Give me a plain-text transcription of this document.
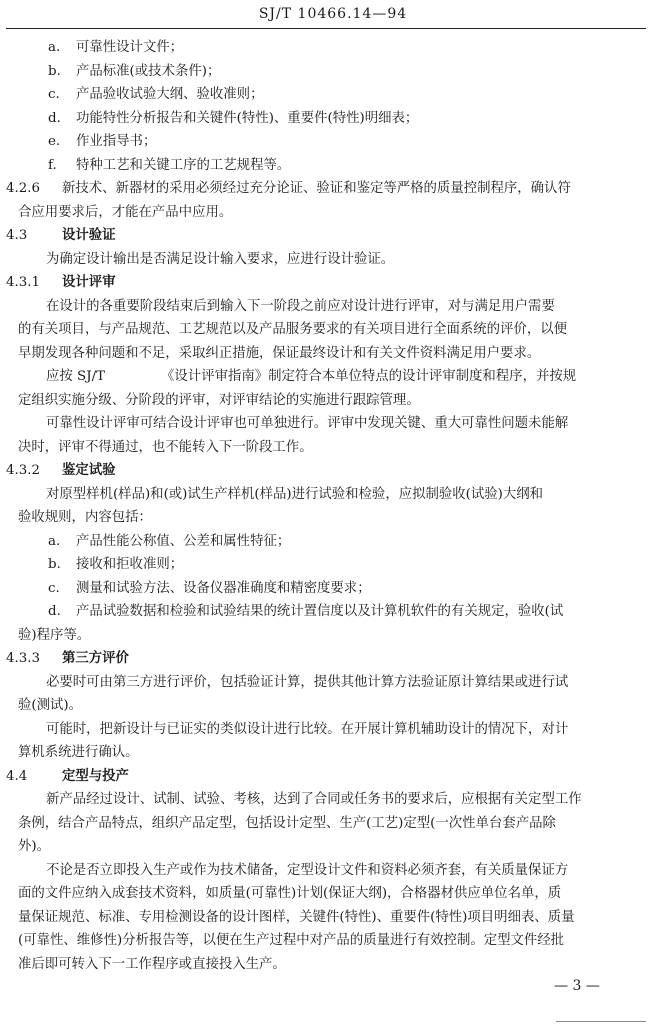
SJ/T 10466.14—94
a. 可靠性设计文件；
b. 产品标准(或技术条件)；
c. 产品验收试验大纲、验收准则；
d. 功能特性分析报告和关键件(特性)、重要件(特性)明细表；
e. 作业指导书；
f. 特种工艺和关键工序的工艺规程等。
4.2.6 新技术、新器材的采用必须经过充分论证、验证和鉴定等严格的质量控制程序，确认符
合应用要求后，才能在产品中应用。
4.3	设计验证
为确定设计输出是否满足设计输入要求，应进行设计验证。
4.3.1 设计评审
在设计的各重要阶段结束后到输入下一阶段之前应对设计进行评审，对与满足用户需要
的有关项目，与产品规范、工艺规范以及产品服务要求的有关项目进行全面系统的评价，以便
早期发现各种问题和不足，采取纠正措施，保证最终设计和有关文件资料满足用户要求。
应按 SJ/T	《设计评审指南》制定符合本单位特点的设计评审制度和程序，并按规
定组织实施分级、分阶段的评审，对评审结论的实施进行跟踪管理。
可靠性设计评审可结合设计评审也可单独进行。评审中发现关键、重大可靠性问题未能解
决时，评审不得通过，也不能转入下一阶段工作。
4.3.2 鉴定试验
对原型样机(样品)和(或)试生产样机(样品)进行试验和检验，应拟制验收(试验)大纲和
验收规则，内容包括：
a. 产品性能公称值、公差和属性特征；
b. 接收和拒收准则；
c. 测量和试验方法、设备仪器准确度和精密度要求；
d. 产品试验数据和检验和试验结果的统计置信度以及计算机软件的有关规定，验收(试
验)程序等。
4.3.3 第三方评价
必要时可由第三方进行评价，包括验证计算，提供其他计算方法验证原计算结果或进行试
验(测试)。
可能时，把新设计与已证实的类似设计进行比较。在开展计算机辅助设计的情况下，对计
算机系统进行确认。
4.4	定型与投产
新产品经过设计、试制、试验、考核，达到了合同或任务书的要求后，应根据有关定型工作
条例，结合产品特点，组织产品定型，包括设计定型、生产(工艺)定型(一次性单台套产品除
外)。
不论是否立即投入生产或作为技术储备，定型设计文件和资料必须齐套，有关质量保证方
面的文件应纳入成套技术资料，如质量(可靠性)计划(保证大纲)，合格器材供应单位名单，质
量保证规范、标准、专用检测设备的设计图样，关键件(特性)、重要件(特性)项目明细表、质量
(可靠性、维修性)分析报告等，以便在生产过程中对产品的质量进行有效控制。定型文件经批
准后即可转入下一工作程序或直接投入生产。
— 3 —
